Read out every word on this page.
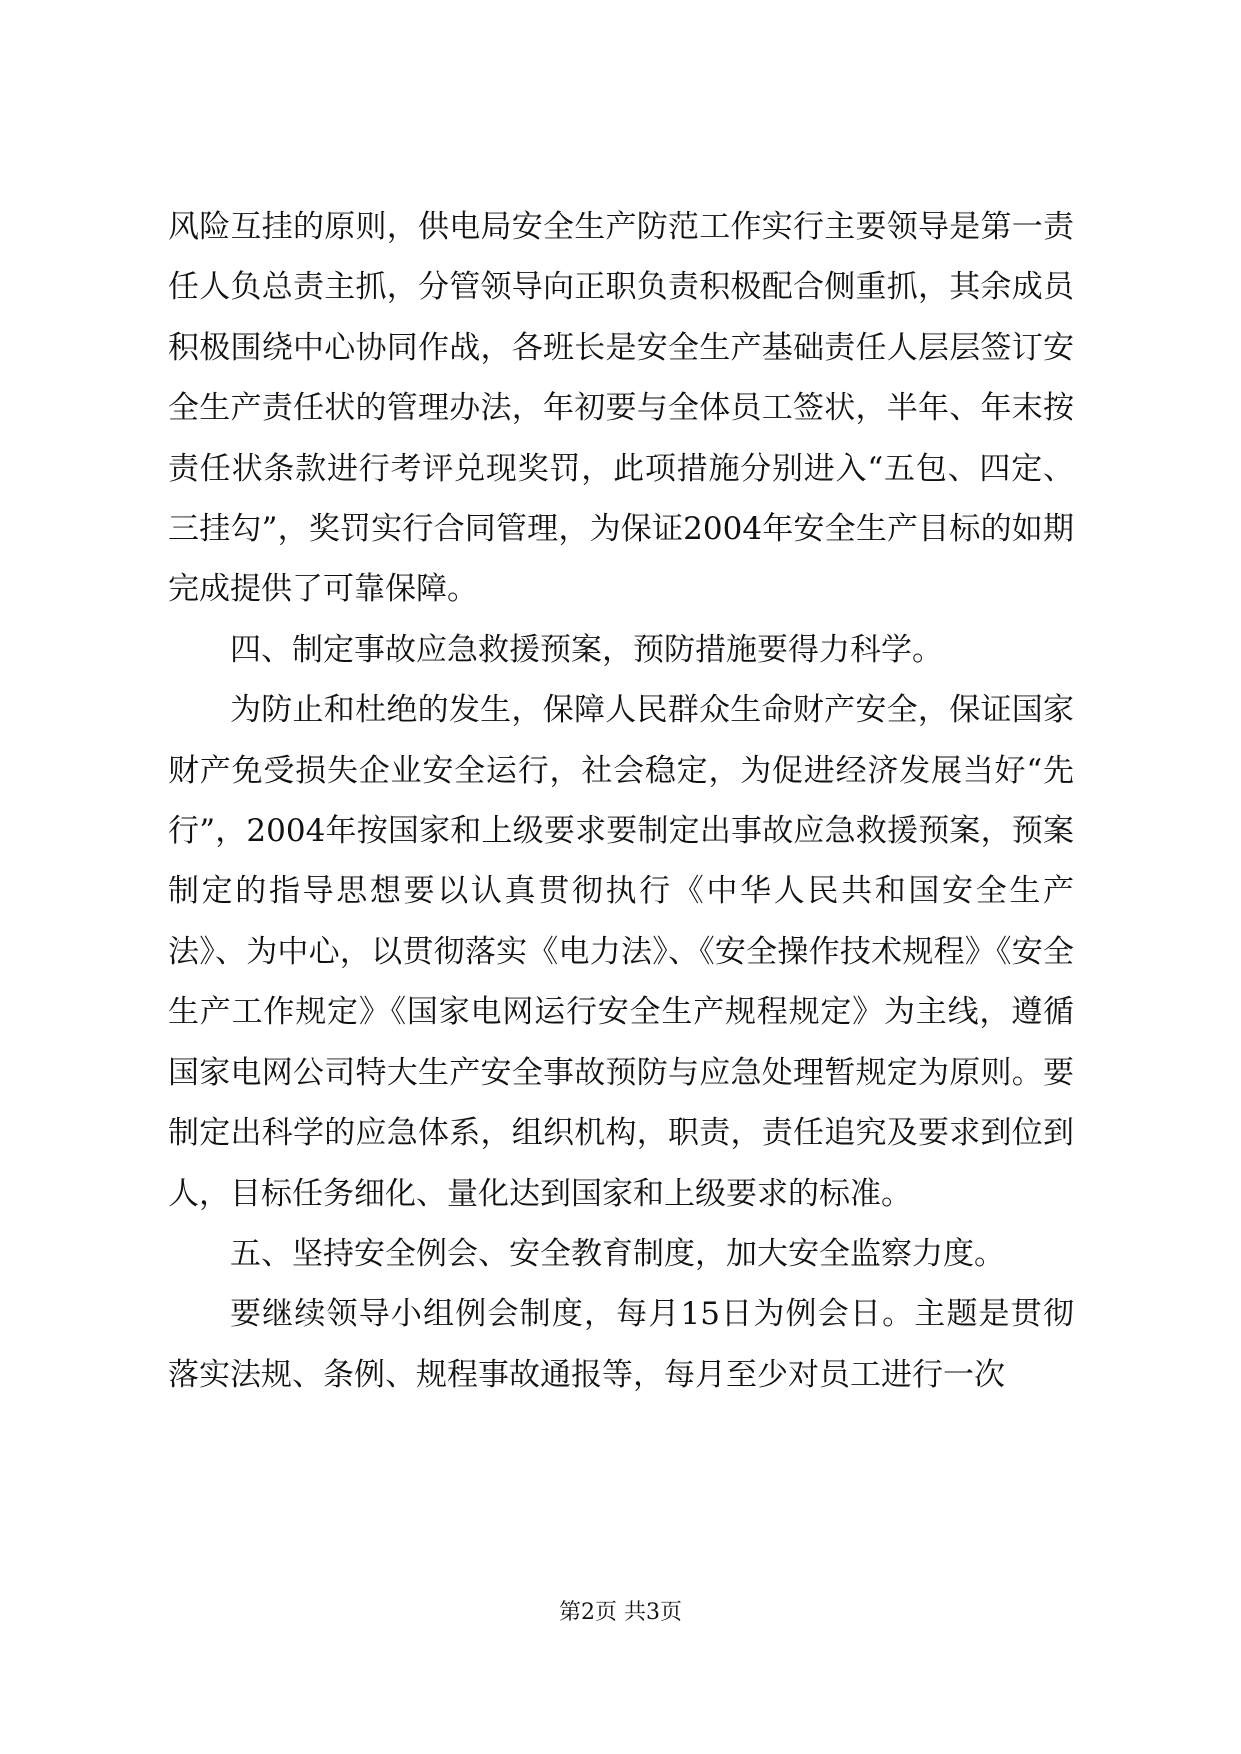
风险互挂的原则，供电局安全生产防范工作实行主要领导是第一责任人负总责主抓，分管领导向正职负责积极配合侧重抓，其余成员积极围绕中心协同作战，各班长是安全生产基础责任人层层签订安全生产责任状的管理办法，年初要与全体员工签状，半年、年末按责任状条款进行考评兑现奖罚，此项措施分别进入“五包、四定、三挂勾”，奖罚实行合同管理，为保证2004年安全生产目标的如期完成提供了可靠保障。

四、制定事故应急救援预案，预防措施要得力科学。

为防止和杜绝的发生，保障人民群众生命财产安全，保证国家财产免受损失企业安全运行，社会稳定，为促进经济发展当好“先行”，2004年按国家和上级要求要制定出事故应急救援预案，预案制定的指导思想要以认真贯彻执行《中华人民共和国安全生产法》、为中心，以贯彻落实《电力法》、《安全操作技术规程》《安全生产工作规定》《国家电网运行安全生产规程规定》为主线，遵循国家电网公司特大生产安全事故预防与应急处理暂规定为原则。要制定出科学的应急体系，组织机构，职责，责任追究及要求到位到人，目标任务细化、量化达到国家和上级要求的标准。

五、坚持安全例会、安全教育制度，加大安全监察力度。

要继续领导小组例会制度，每月15日为例会日。主题是贯彻落实法规、条例、规程事故通报等，每月至少对员工进行一次

第2页 共3页
